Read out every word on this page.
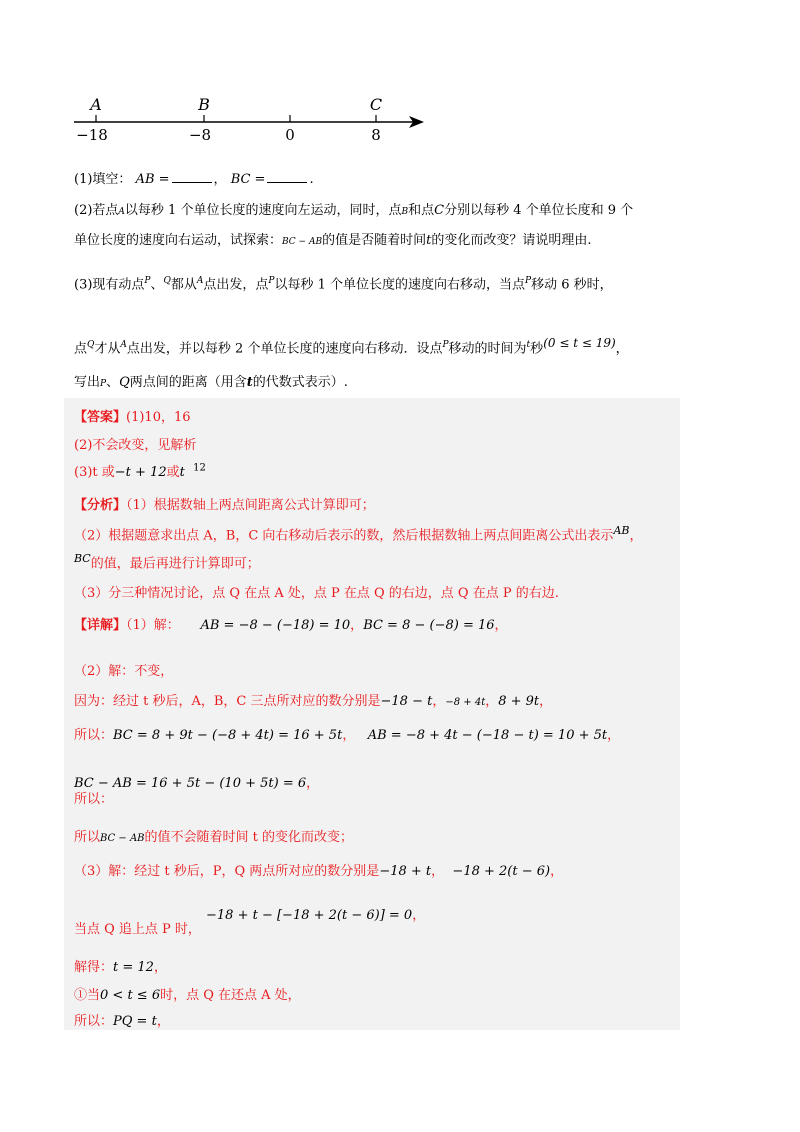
A	B	C
−18	−8	0	8
(1)填空： AB =	， BC =	.
(2)若点A以每秒 1 个单位长度的速度向左运动，同时，点B和点C分别以每秒 4 个单位长度和 9 个
单位长度的速度向右运动，试探索：BC − AB的值是否随着时间t的变化而改变？请说明理由.
(3)现有动点$^P$、$^Q$都从$^A$点出发，点$^P$以每秒 1 个单位长度的速度向右移动，当点$^P$移动 6 秒时，
点$^Q$才从$^A$点出发，并以每秒 2 个单位长度的速度向右移动．设点$^P$移动的时间为$^t$秒$^{(0 \le t \le 19)}$，
写出P、Q两点间的距离（用含t的代数式表示）.
【答案】(1)10，16
(2)不会改变，见解析
(3)t 或−t + 12或t $^{12}$
【分析】（1）根据数轴上两点间距离公式计算即可；
（2）根据题意求出点 A，B，C 向右移动后表示的数，然后根据数轴上两点间距离公式出表示$^{AB}$，
$^{BC}$的值，最后再进行计算即可；
（3）分三种情况讨论，点 Q 在点 A 处，点 P 在点 Q 的右边，点 Q 在点 P 的右边.
【详解】（1）解： AB = −8 − (−18) = 10，BC = 8 − (−8) = 16，
（2）解：不变，
因为：经过 t 秒后，A，B，C 三点所对应的数分别是−18 − t，−8 + 4t，8 + 9t，
所以：BC = 8 + 9t − (−8 + 4t) = 16 + 5t， AB = −8 + 4t − (−18 − t) = 10 + 5t，
BC − AB = 16 + 5t − (10 + 5t) = 6，
所以：
所以BC − AB的值不会随着时间 t 的变化而改变；
（3）解：经过 t 秒后，P，Q 两点所对应的数分别是−18 + t， −18 + 2(t − 6)，
−18 + t − [−18 + 2(t − 6)] = 0，
当点 Q 追上点 P 时，
解得：t = 12，
①当0 < t ≤ 6时，点 Q 在还点 A 处，
所以：PQ = t，
